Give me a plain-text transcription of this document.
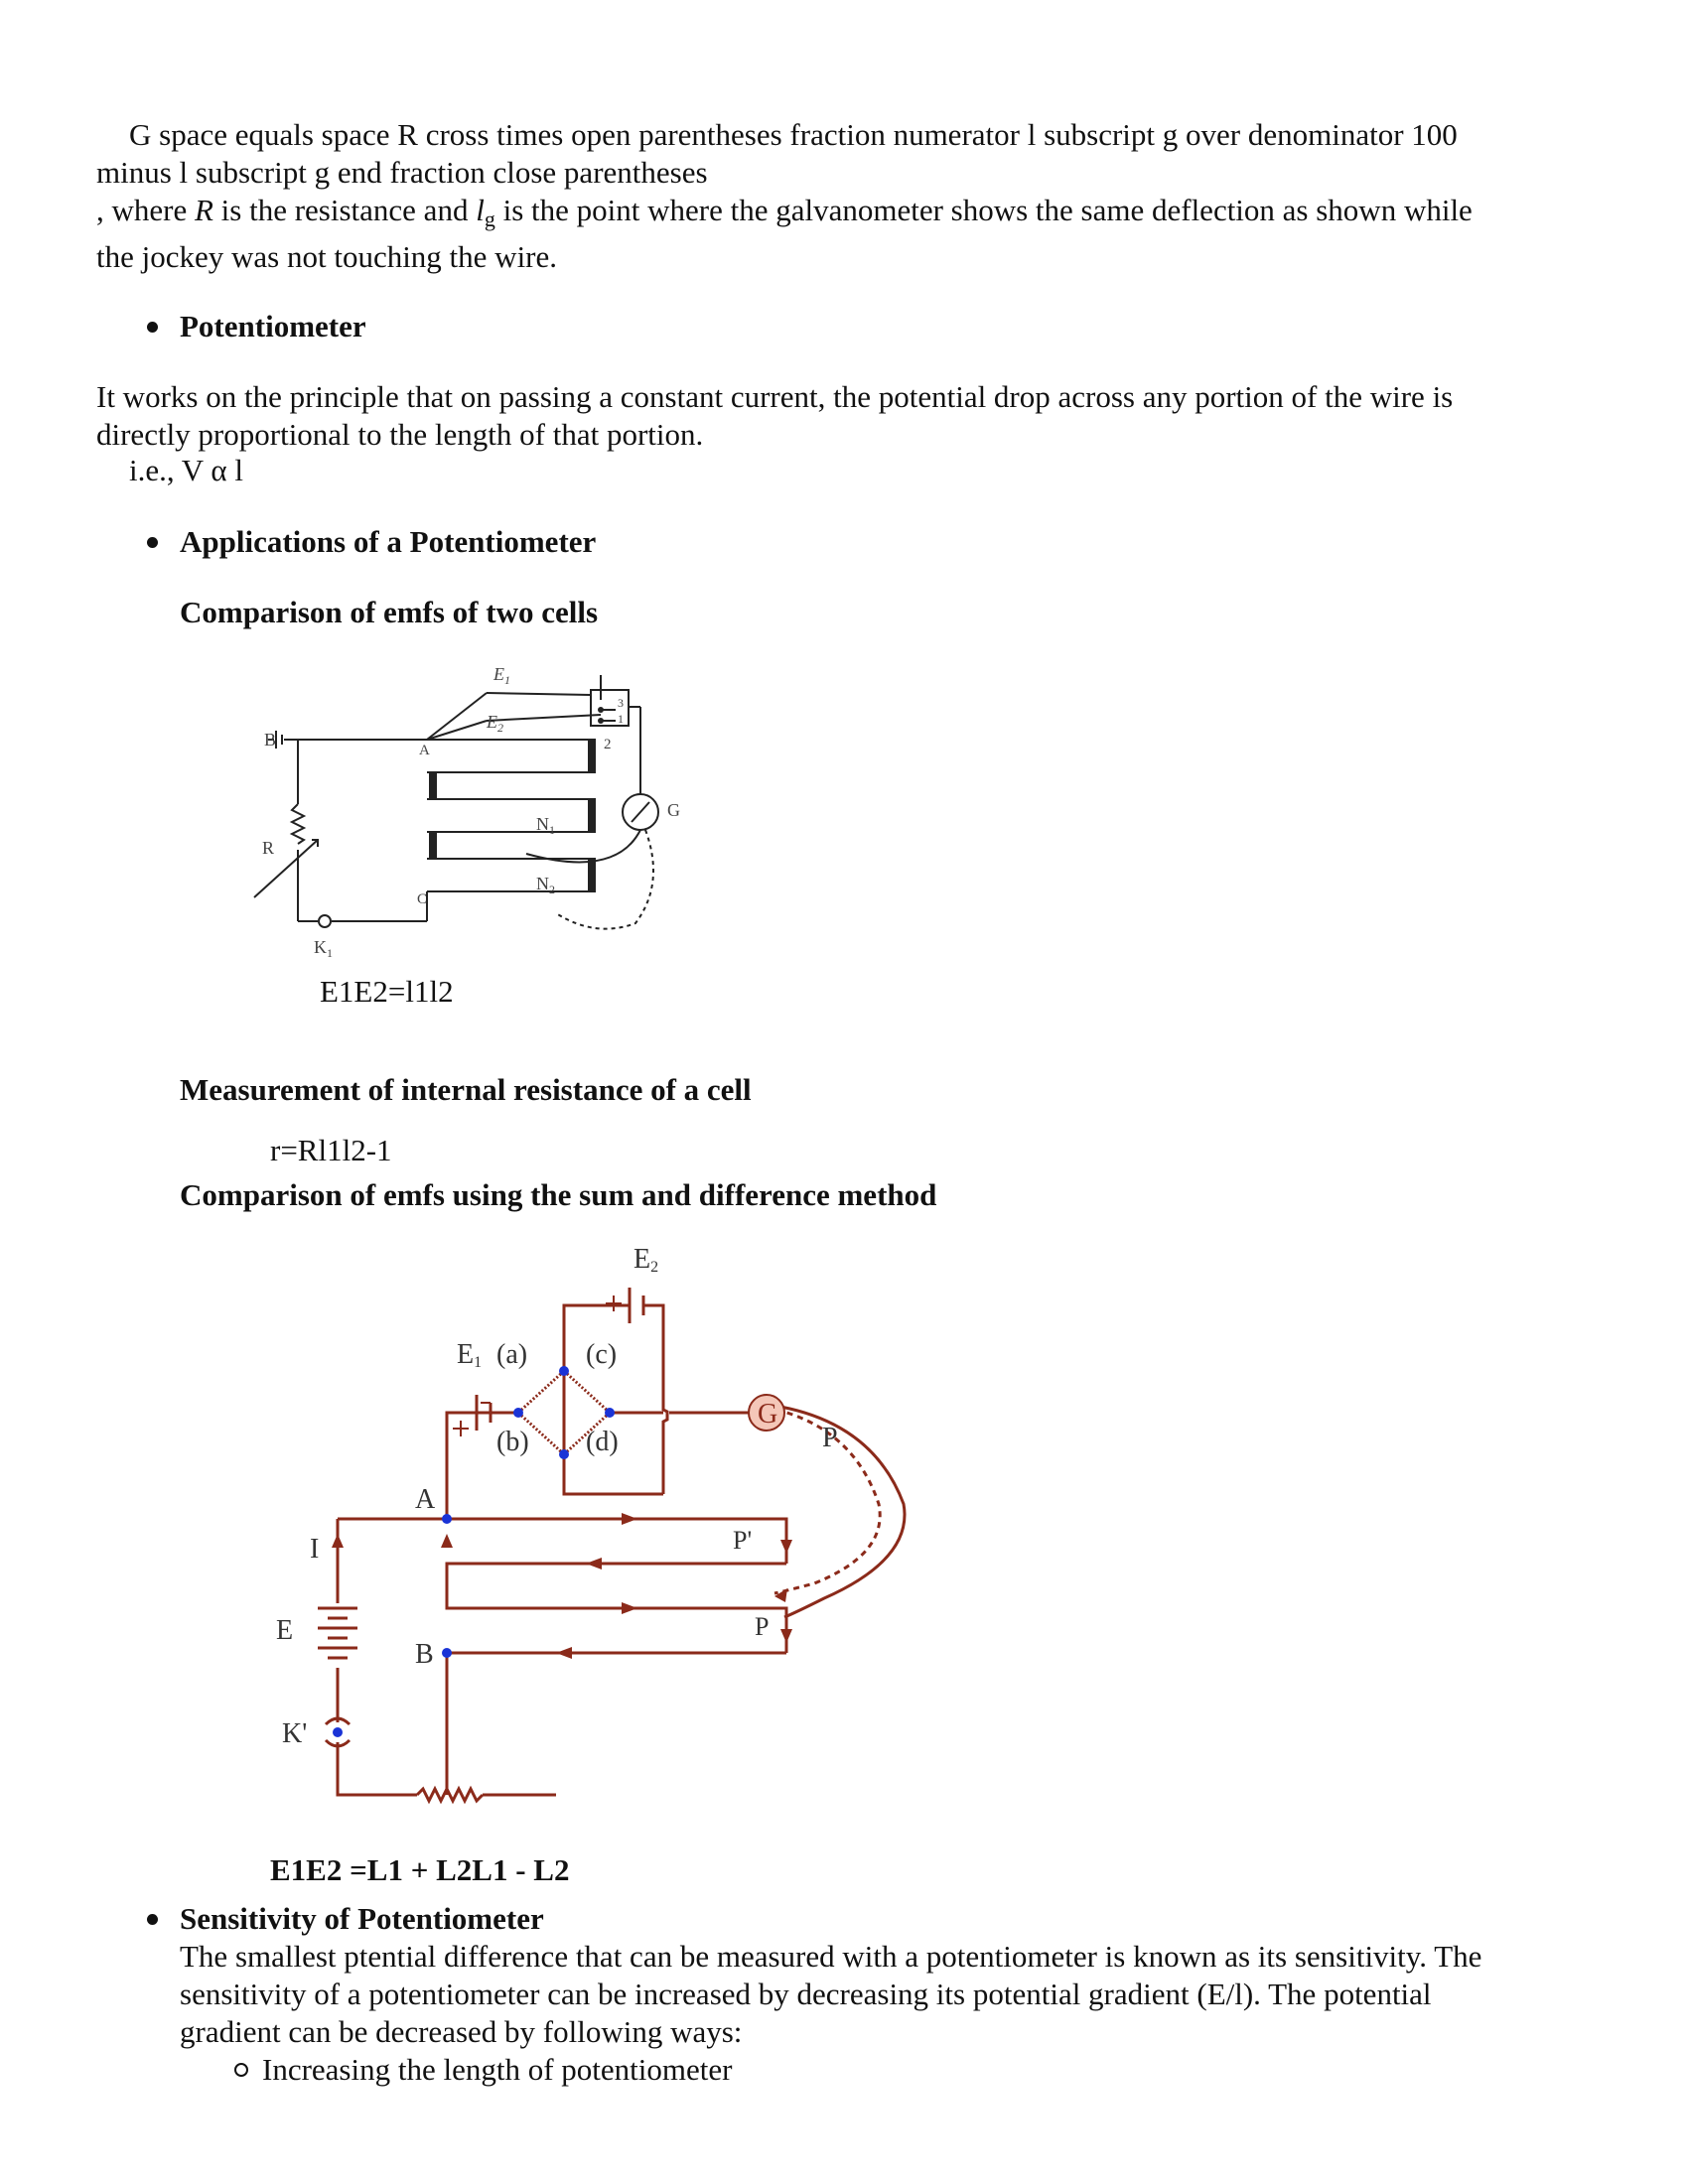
G space equals space R cross times open parentheses fraction numerator l subscript g over denominator 100
minus l subscript g end fraction close parentheses
, where R is the resistance and $l_g$ is the point where the galvanometer shows the same deflection as shown while
the jockey was not touching the wire.
Potentiometer
It works on the principle that on passing a constant current, the potential drop across any portion of the wire is
directly proportional to the length of that portion.
i.e., V α l
Applications of a Potentiometer
Comparison of emfs of two cells
$E_1$
$E_2$
B
A
R
C
$K_1$
G
$N_1$
$N_2$
2
3
1
E1E2=l1l2
Measurement of internal resistance of a cell
r=Rl1l2-1
Comparison of emfs using the sum and difference method
E2
E1 (a) (c)
(b) (d)
G
P
A
P'
P
I
E
B
K'
E1E2 =L1 + L2L1 - L2
Sensitivity of Potentiometer
The smallest ptential difference that can be measured with a potentiometer is known as its sensitivity. The
sensitivity of a potentiometer can be increased by decreasing its potential gradient (E/l). The potential
gradient can be decreased by following ways:
Increasing the length of potentiometer
